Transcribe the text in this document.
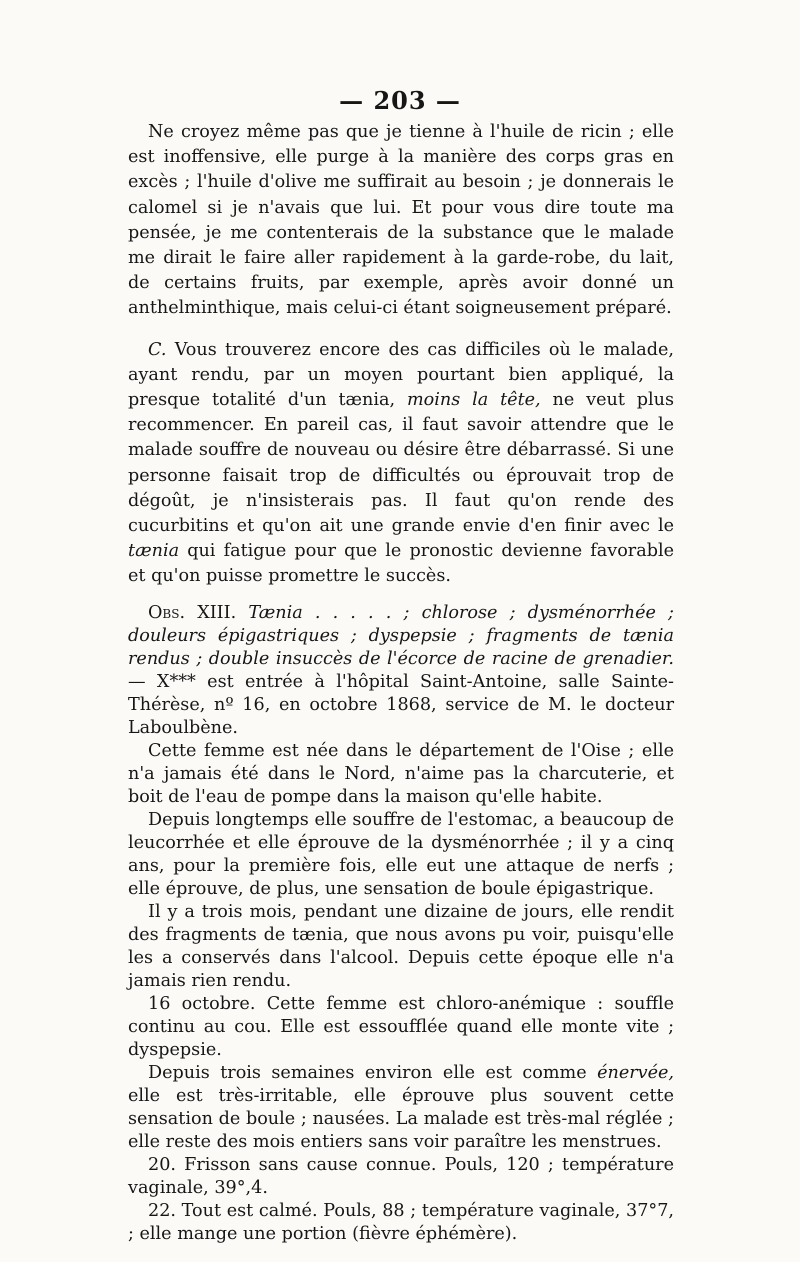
— 203 —

Ne croyez même pas que je tienne à l'huile de ricin ; elle est inoffensive, elle purge à la manière des corps gras en excès ; l'huile d'olive me suffirait au besoin ; je donnerais le calomel si je n'avais que lui. Et pour vous dire toute ma pensée, je me contenterais de la substance que le malade me dirait le faire aller rapidement à la garde-robe, du lait, de certains fruits, par exemple, après avoir donné un anthelminthique, mais celui-ci étant soigneusement préparé.

C. Vous trouverez encore des cas difficiles où le malade, ayant rendu, par un moyen pourtant bien appliqué, la presque totalité d'un tænia, moins la tête, ne veut plus recommencer. En pareil cas, il faut savoir attendre que le malade souffre de nouveau ou désire être débarrassé. Si une personne faisait trop de difficultés ou éprouvait trop de dégoût, je n'insisterais pas. Il faut qu'on rende des cucurbitins et qu'on ait une grande envie d'en finir avec le tænia qui fatigue pour que le pronostic devienne favorable et qu'on puisse promettre le succès.

Obs. XIII. Tænia . . . . . ; chlorose ; dysménorrhée ; douleurs épigastriques ; dyspepsie ; fragments de tænia rendus ; double insuccès de l'écorce de racine de grenadier. — X*** est entrée à l'hôpital Saint-Antoine, salle Sainte-Thérèse, nº 16, en octobre 1868, service de M. le docteur Laboulbène.

Cette femme est née dans le département de l'Oise ; elle n'a jamais été dans le Nord, n'aime pas la charcuterie, et boit de l'eau de pompe dans la maison qu'elle habite.

Depuis longtemps elle souffre de l'estomac, a beaucoup de leucorrhée et elle éprouve de la dysménorrhée ; il y a cinq ans, pour la première fois, elle eut une attaque de nerfs ; elle éprouve, de plus, une sensation de boule épigastrique.

Il y a trois mois, pendant une dizaine de jours, elle rendit des fragments de tænia, que nous avons pu voir, puisqu'elle les a conservés dans l'alcool. Depuis cette époque elle n'a jamais rien rendu.

16 octobre. Cette femme est chloro-anémique : souffle continu au cou. Elle est essoufflée quand elle monte vite ; dyspepsie.

Depuis trois semaines environ elle est comme énervée, elle est très-irritable, elle éprouve plus souvent cette sensation de boule ; nausées. La malade est très-mal réglée ; elle reste des mois entiers sans voir paraître les menstrues.

20. Frisson sans cause connue. Pouls, 120 ; température vaginale, 39°,4.

22. Tout est calmé. Pouls, 88 ; température vaginale, 37°7, ; elle mange une portion (fièvre éphémère).
